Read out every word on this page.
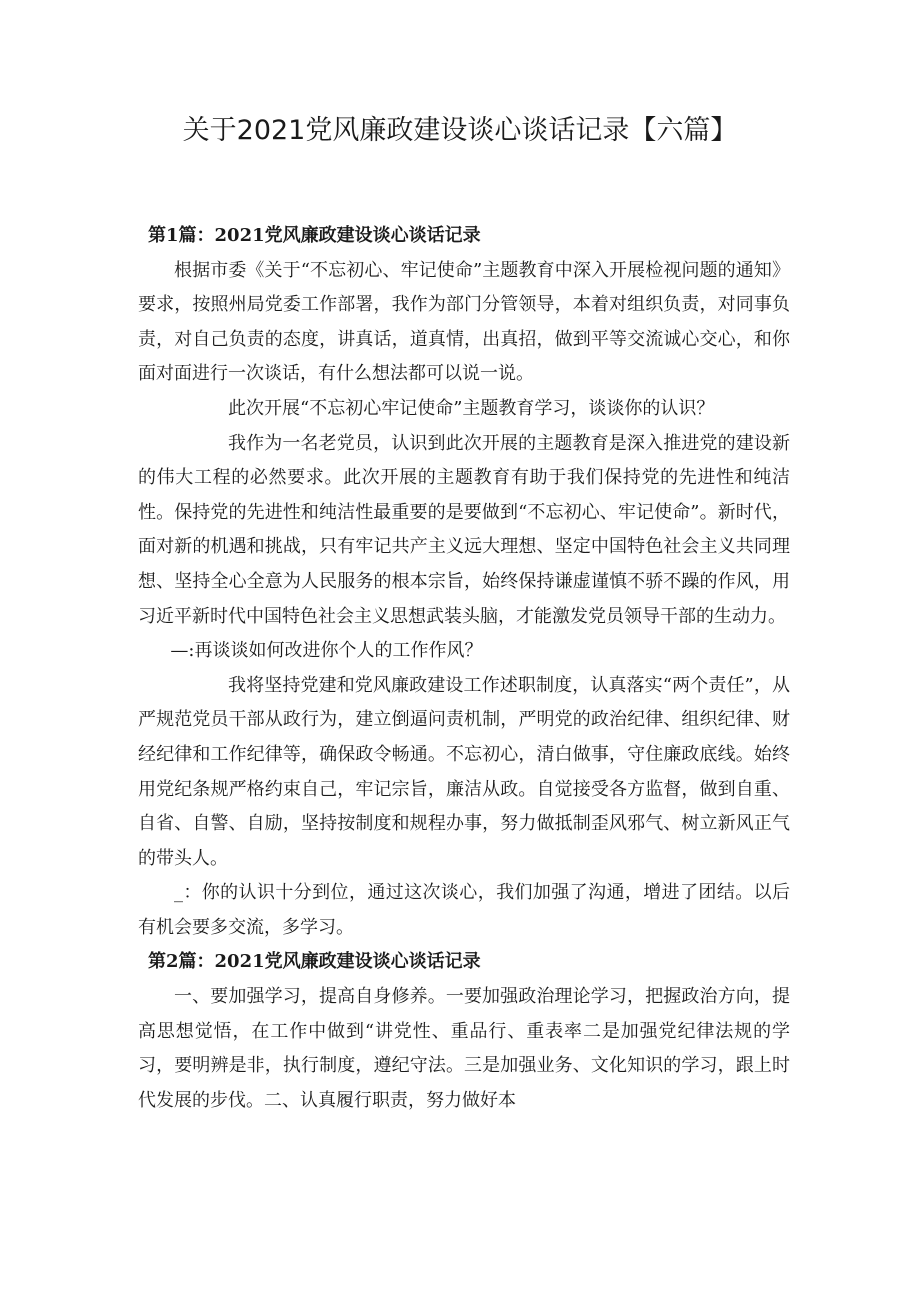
关于2021党风廉政建设谈心谈话记录【六篇】

第1篇：2021党风廉政建设谈心谈话记录

根据市委《关于“不忘初心、牢记使命”主题教育中深入开展检视问题的通知》要求，按照州局党委工作部署，我作为部门分管领导，本着对组织负责，对同事负责，对自己负责的态度，讲真话，道真情，出真招，做到平等交流诚心交心，和你面对面进行一次谈话，有什么想法都可以说一说。

此次开展“不忘初心牢记使命”主题教育学习，谈谈你的认识？

我作为一名老党员，认识到此次开展的主题教育是深入推进党的建设新的伟大工程的必然要求。此次开展的主题教育有助于我们保持党的先进性和纯洁性。保持党的先进性和纯洁性最重要的是要做到“不忘初心、牢记使命”。新时代，面对新的机遇和挑战，只有牢记共产主义远大理想、坚定中国特色社会主义共同理想、坚持全心全意为人民服务的根本宗旨，始终保持谦虚谨慎不骄不躁的作风，用习近平新时代中国特色社会主义思想武装头脑，才能激发党员领导干部的生动力。

—:再谈谈如何改进你个人的工作作风？

我将坚持党建和党风廉政建设工作述职制度，认真落实“两个责任”，从严规范党员干部从政行为，建立倒逼问责机制，严明党的政治纪律、组织纪律、财经纪律和工作纪律等，确保政令畅通。不忘初心，清白做事，守住廉政底线。始终用党纪条规严格约束自己，牢记宗旨，廉洁从政。自觉接受各方监督，做到自重、自省、自警、自励，坚持按制度和规程办事，努力做抵制歪风邪气、树立新风正气的带头人。

_：你的认识十分到位，通过这次谈心，我们加强了沟通，增进了团结。以后有机会要多交流，多学习。

第2篇：2021党风廉政建设谈心谈话记录

一、要加强学习，提高自身修养。一要加强政治理论学习，把握政治方向，提高思想觉悟，在工作中做到“讲党性、重品行、重表率二是加强党纪律法规的学习，要明辨是非，执行制度，遵纪守法。三是加强业务、文化知识的学习，跟上时代发展的步伐。二、认真履行职责，努力做好本
